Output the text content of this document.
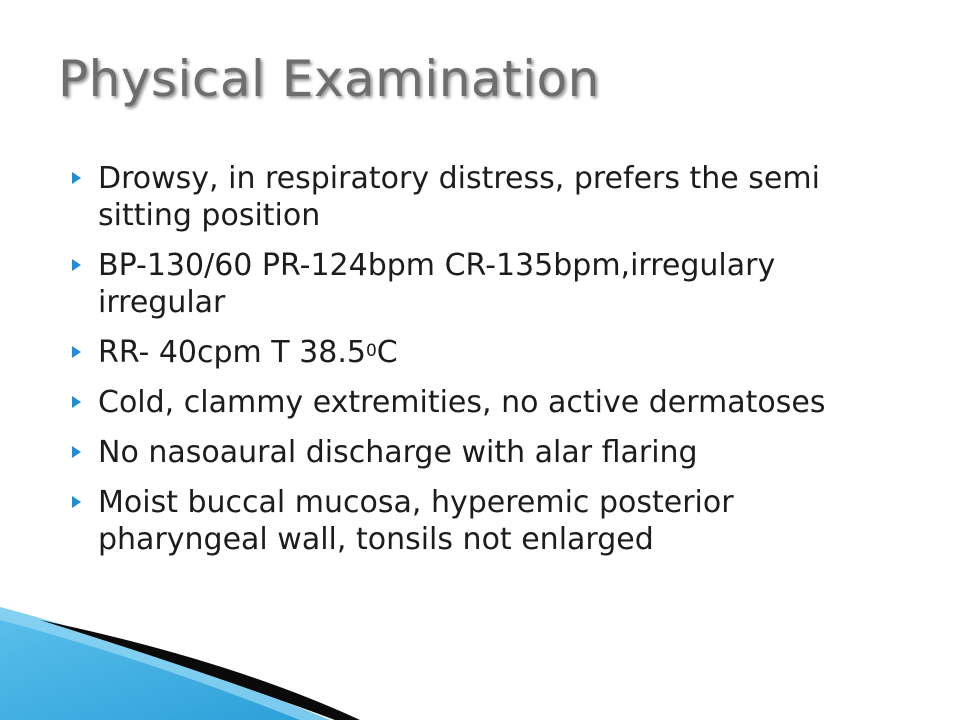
Physical Examination
Drowsy, in respiratory distress, prefers the semi sitting position
BP-130/60 PR-124bpm CR-135bpm,irregulary irregular
RR- 40cpm T 38.5$^0$C
Cold, clammy extremities, no active dermatoses
No nasoaural discharge with alar flaring
Moist buccal mucosa, hyperemic posterior pharyngeal wall, tonsils not enlarged
